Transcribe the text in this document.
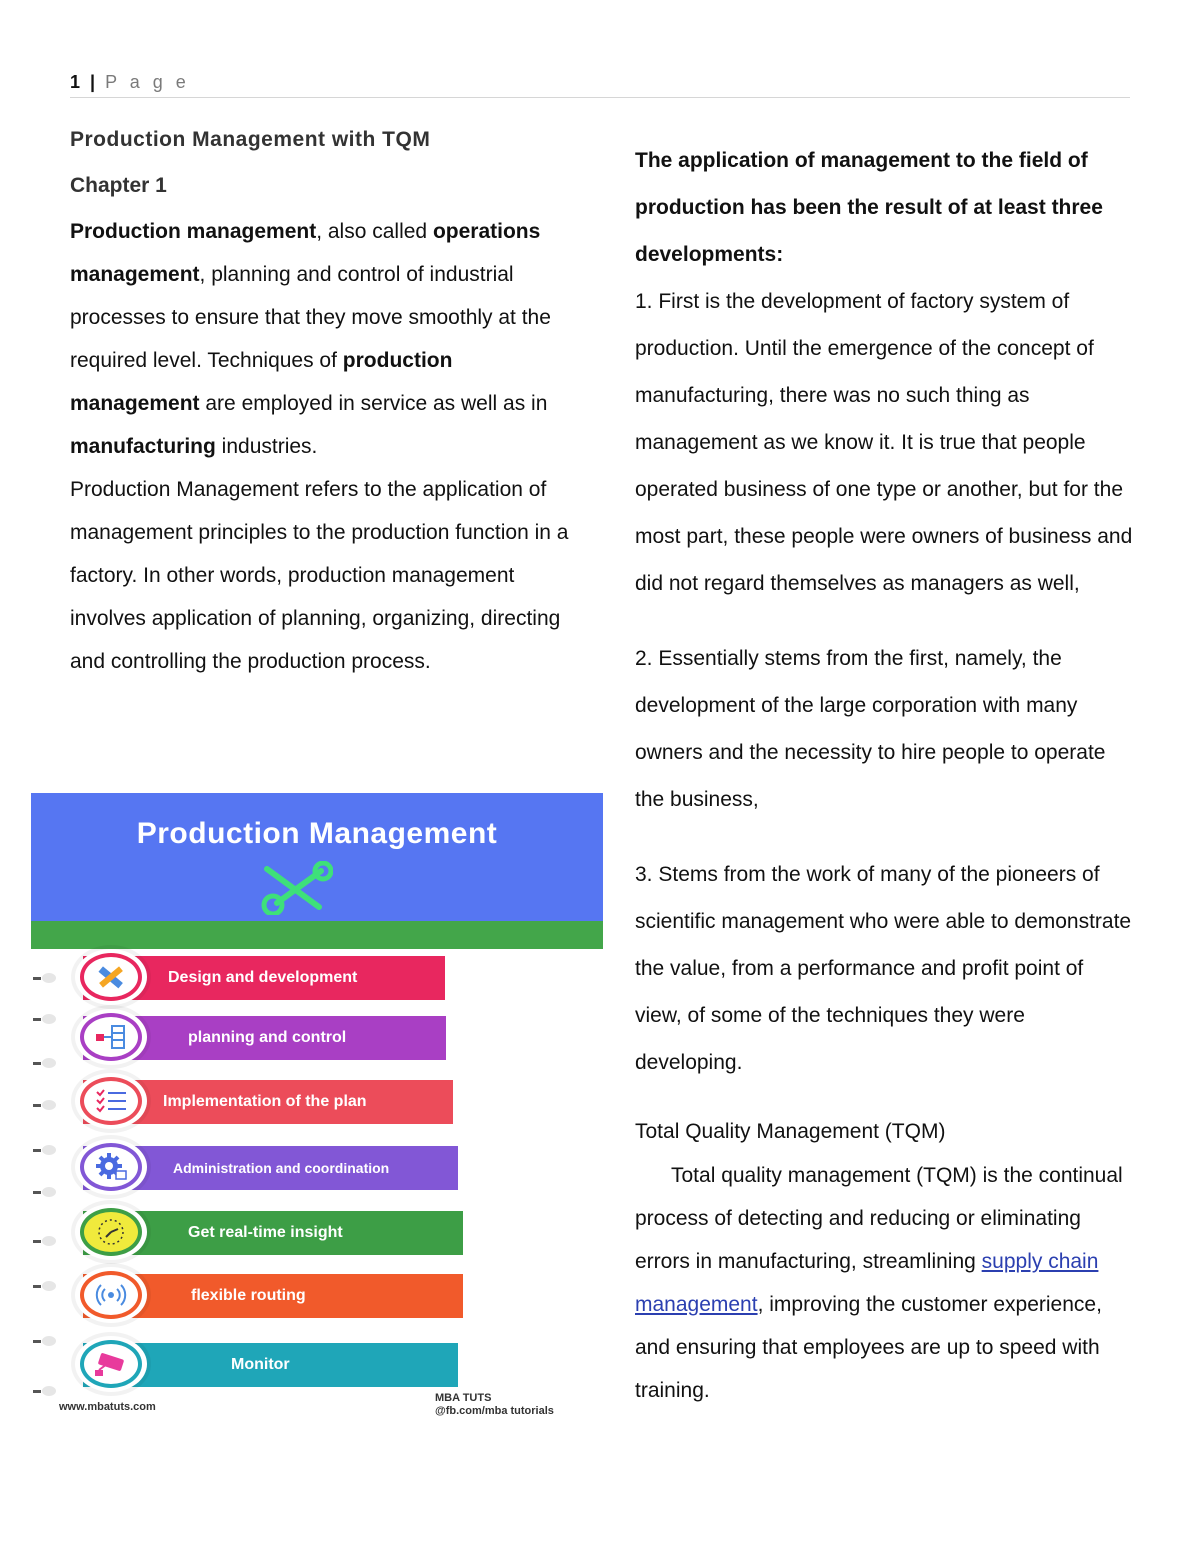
1 | P a g e

Production Management with TQM

Chapter 1

Production management, also called operations management, planning and control of industrial processes to ensure that they move smoothly at the required level. Techniques of production management are employed in service as well as in manufacturing industries.

Production Management refers to the application of management principles to the production function in a factory. In other words, production management involves application of planning, organizing, directing and controlling the production process.

Production Management
Design and development
planning and control
Implementation of the plan
Administration and coordination
Get real-time insight
flexible routing
Monitor
www.mbatuts.com
MBA TUTS
@fb.com/mba tutorials

The application of management to the field of production has been the result of at least three developments:

1. First is the development of factory system of production. Until the emergence of the concept of manufacturing, there was no such thing as management as we know it. It is true that people operated business of one type or another, but for the most part, these people were owners of business and did not regard themselves as managers as well,

2. Essentially stems from the first, namely, the development of the large corporation with many owners and the necessity to hire people to operate the business,

3. Stems from the work of many of the pioneers of scientific management who were able to demonstrate the value, from a performance and profit point of view, of some of the techniques they were developing.

Total Quality Management (TQM)

Total quality management (TQM) is the continual process of detecting and reducing or eliminating errors in manufacturing, streamlining supply chain management, improving the customer experience, and ensuring that employees are up to speed with training.
